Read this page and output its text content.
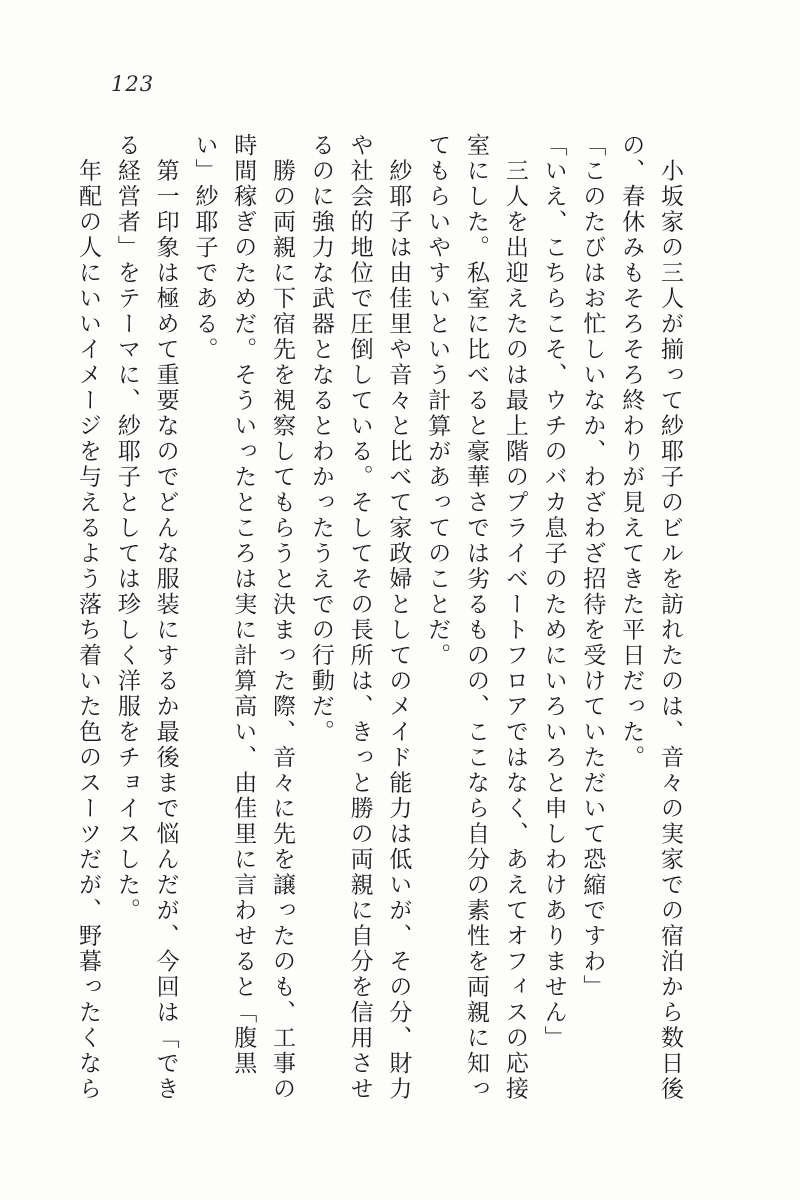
123

　小坂家の三人が揃って紗耶子のビルを訪れたのは、音々の実家での宿泊から数日後

の、春休みもそろそろ終わりが見えてきた平日だった。

「このたびはお忙しいなか、わざわざ招待を受けていただいて恐縮ですわ」

「いえ、こちらこそ、ウチのバカ息子のためにいろいろと申しわけありません」

　三人を出迎えたのは最上階のプライベートフロアではなく、あえてオフィスの応接

室にした。私室に比べると豪華さでは劣るものの、ここなら自分の素性を両親に知っ

てもらいやすいという計算があってのことだ。

　紗耶子は由佳里や音々と比べて家政婦としてのメイド能力は低いが、その分、財力

や社会的地位で圧倒している。そしてその長所は、きっと勝の両親に自分を信用させ

るのに強力な武器となるとわかったうえでの行動だ。

　勝の両親に下宿先を視察してもらうと決まった際、音々に先を譲ったのも、工事の

時間稼ぎのためだ。そういったところは実に計算高い、由佳里に言わせると「腹黒

い」紗耶子である。

　第一印象は極めて重要なのでどんな服装にするか最後まで悩んだが、今回は「でき

る経営者」をテーマに、紗耶子としては珍しく洋服をチョイスした。

　年配の人にいいイメージを与えるよう落ち着いた色のスーツだが、野暮ったくなら
